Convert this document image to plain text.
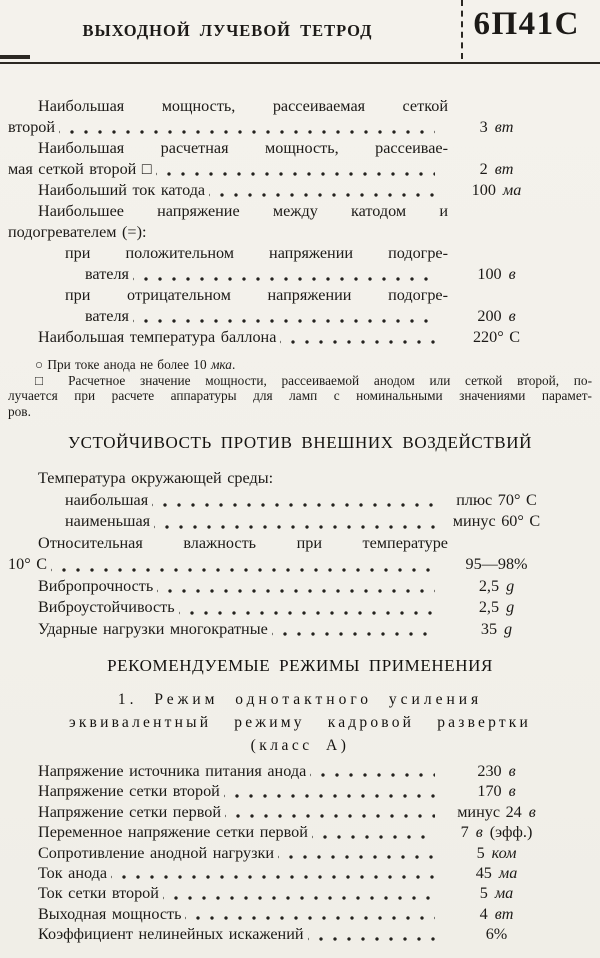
ВЫХОДНОЙ ЛУЧЕВОЙ ТЕТРОД	6П41С
Наибольшая мощность, рассеиваемая сеткой
второй	3 вт
Наибольшая расчетная мощность, рассеивае-
мая сеткой второй □	2 вт
Наибольший ток катода	100 ма
Наибольшее напряжение между катодом и
подогревателем (=):
при положительном напряжении подогре-
вателя	100 в
при отрицательном напряжении подогре-
вателя	200 в
Наибольшая температура баллона	220° С
○ При токе анода не более 10 мка.
□ Расчетное значение мощности, рассеиваемой анодом или сеткой второй, по-
лучается при расчете аппаратуры для ламп с номинальными значениями парамет-
ров.
УСТОЙЧИВОСТЬ ПРОТИВ ВНЕШНИХ ВОЗДЕЙСТВИЙ
Температура окружающей среды:
наибольшая	плюс 70° С
наименьшая	минус 60° С
Относительная влажность при температуре
10° С	95—98%
Вибропрочность	2,5 g
Виброустойчивость	2,5 g
Ударные нагрузки многократные	35 g
РЕКОМЕНДУЕМЫЕ РЕЖИМЫ ПРИМЕНЕНИЯ
1. Режим однотактного усиления
эквивалентный режиму кадровой развертки
(класс А)
Напряжение источника питания анода	230 в
Напряжение сетки второй	170 в
Напряжение сетки первой	минус 24 в
Переменное напряжение сетки первой	7 в (эфф.)
Сопротивление анодной нагрузки	5 ком
Ток анода	45 ма
Ток сетки второй	5 ма
Выходная мощность	4 вт
Коэффициент нелинейных искажений	6%
